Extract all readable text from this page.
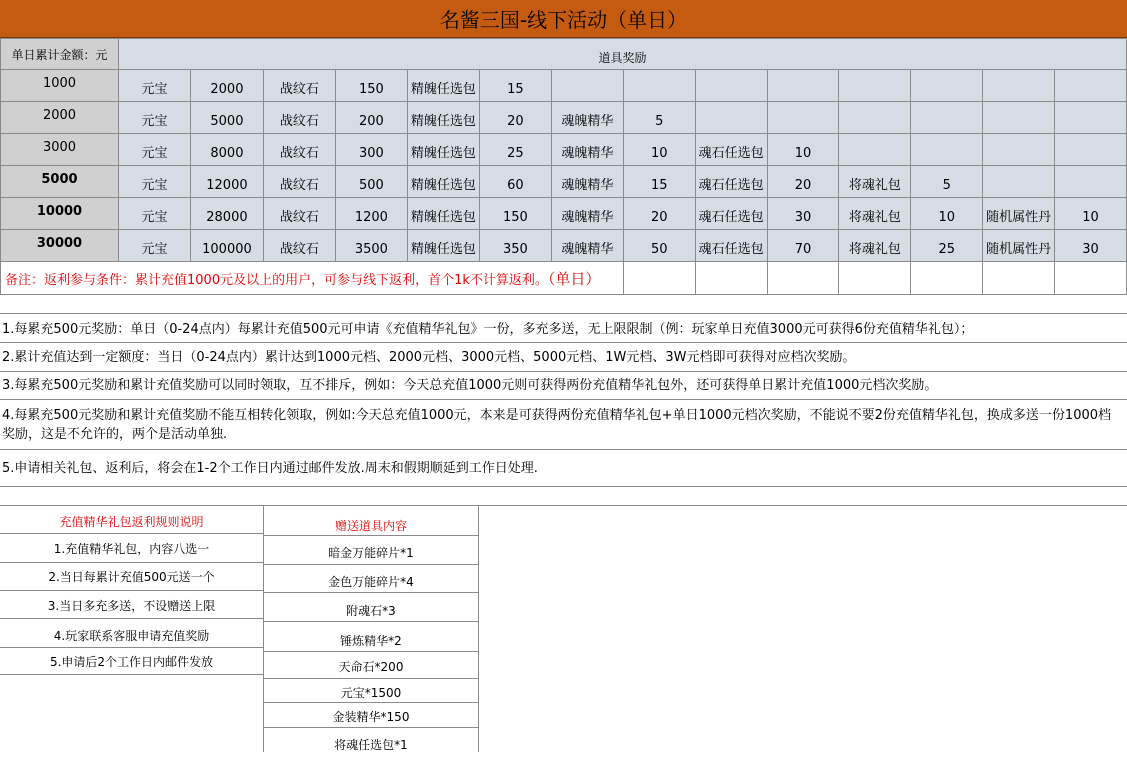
名酱三国-线下活动（单日）
单日累计金额：元	道具奖励													
1000	元宝	2000	战纹石	150	精魄任选包	15								
2000	元宝	5000	战纹石	200	精魄任选包	20	魂魄精华	5						
3000	元宝	8000	战纹石	300	精魄任选包	25	魂魄精华	10	魂石任选包	10				
5000	元宝	12000	战纹石	500	精魄任选包	60	魂魄精华	15	魂石任选包	20	将魂礼包	5		
10000	元宝	28000	战纹石	1200	精魄任选包	150	魂魄精华	20	魂石任选包	30	将魂礼包	10	随机属性丹	10
30000	元宝	100000	战纹石	3500	精魄任选包	350	魂魄精华	50	魂石任选包	70	将魂礼包	25	随机属性丹	30
备注：返利参与条件：累计充值1000元及以上的用户，可参与线下返利，首个1k不计算返利。（单日）														
1.每累充500元奖励：单日（0-24点内）每累计充值500元可申请《充值精华礼包》一份，多充多送，无上限限制（例：玩家单日充值3000元可获得6份充值精华礼包）；
2.累计充值达到一定额度：当日（0-24点内）累计达到1000元档、2000元档、3000元档、5000元档、1W元档、3W元档即可获得对应档次奖励。
3.每累充500元奖励和累计充值奖励可以同时领取，互不排斥，例如：今天总充值1000元则可获得两份充值精华礼包外，还可获得单日累计充值1000元档次奖励。
4.每累充500元奖励和累计充值奖励不能互相转化领取，例如:今天总充值1000元，本来是可获得两份充值精华礼包+单日1000元档次奖励，不能说不要2份充值精华礼包，换成多送一份1000档奖励，这是不允许的，两个是活动单独.
5.申请相关礼包、返利后，将会在1-2个工作日内通过邮件发放.周末和假期顺延到工作日处理.
充值精华礼包返利规则说明
1.充值精华礼包，内容八选一
2.当日每累计充值500元送一个
3.当日多充多送，不设赠送上限
4.玩家联系客服申请充值奖励
5.申请后2个工作日内邮件发放
赠送道具内容
暗金万能碎片*1
金色万能碎片*4
附魂石*3
锤炼精华*2
天命石*200
元宝*1500
金装精华*150
将魂任选包*1
